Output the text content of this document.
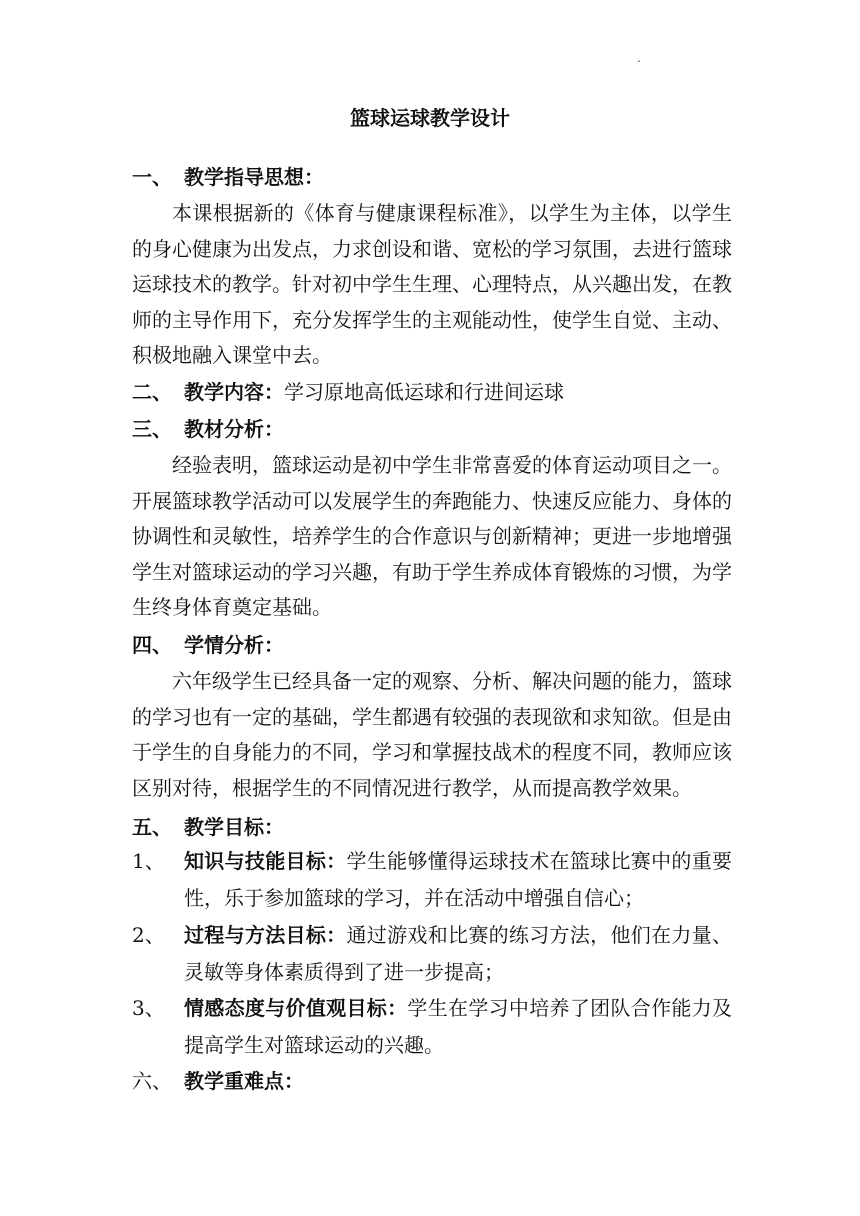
.
篮球运球教学设计
一、 教学指导思想：
本课根据新的《体育与健康课程标准》，以学生为主体，以学生的身心健康为出发点，力求创设和谐、宽松的学习氛围，去进行篮球运球技术的教学。针对初中学生生理、心理特点，从兴趣出发，在教师的主导作用下，充分发挥学生的主观能动性，使学生自觉、主动、积极地融入课堂中去。
二、 教学内容：学习原地高低运球和行进间运球
三、 教材分析：
经验表明，篮球运动是初中学生非常喜爱的体育运动项目之一。开展篮球教学活动可以发展学生的奔跑能力、快速反应能力、身体的协调性和灵敏性，培养学生的合作意识与创新精神；更进一步地增强学生对篮球运动的学习兴趣，有助于学生养成体育锻炼的习惯，为学生终身体育奠定基础。
四、 学情分析：
六年级学生已经具备一定的观察、分析、解决问题的能力，篮球的学习也有一定的基础，学生都遇有较强的表现欲和求知欲。但是由于学生的自身能力的不同，学习和掌握技战术的程度不同，教师应该区别对待，根据学生的不同情况进行教学，从而提高教学效果。
五、 教学目标：
1、 知识与技能目标：学生能够懂得运球技术在篮球比赛中的重要性，乐于参加篮球的学习，并在活动中增强自信心；
2、 过程与方法目标：通过游戏和比赛的练习方法，他们在力量、灵敏等身体素质得到了进一步提高；
3、 情感态度与价值观目标：学生在学习中培养了团队合作能力及提高学生对篮球运动的兴趣。
六、 教学重难点：
